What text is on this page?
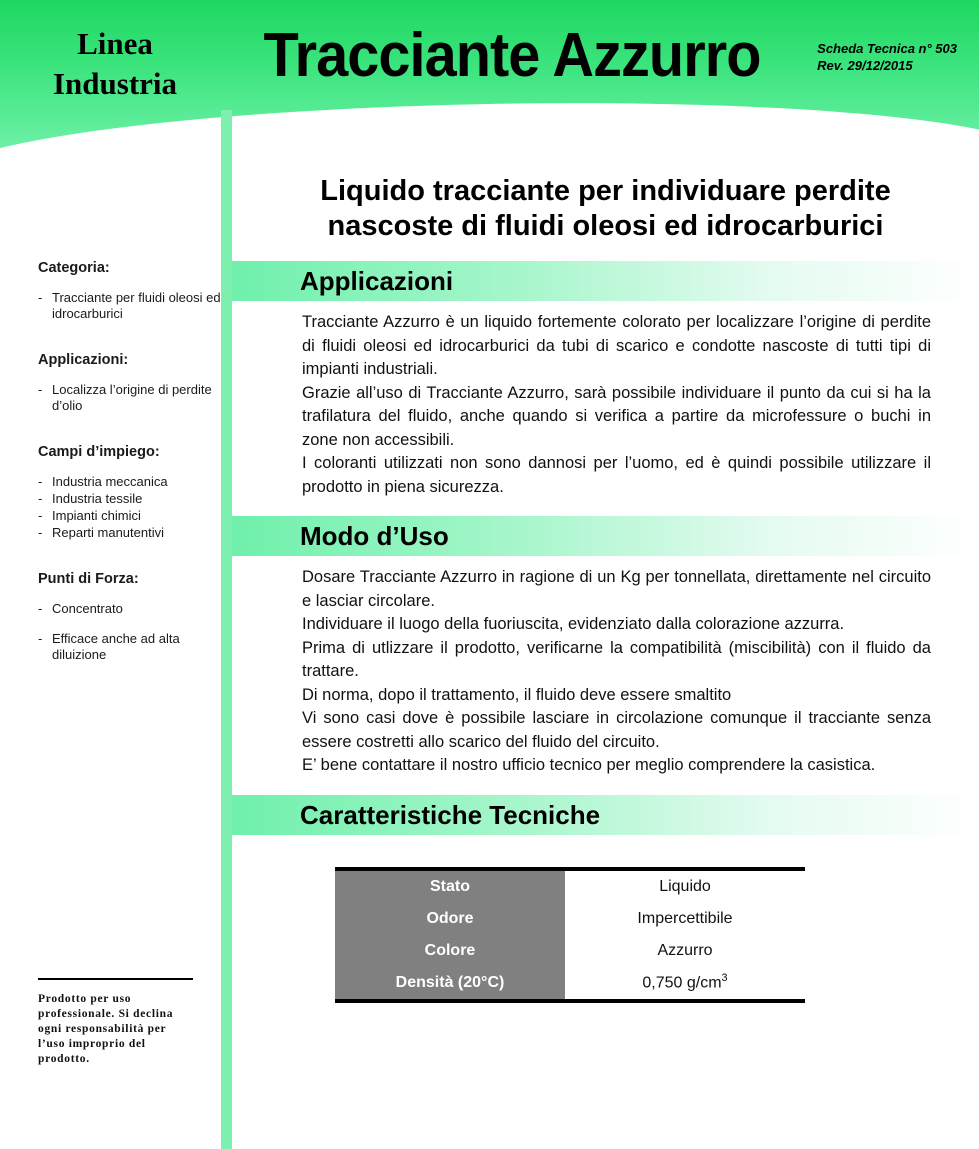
Linea
Industria	Tracciante Azzurro	Scheda Tecnica n° 503
Rev. 29/12/2015
Categoria:
- Tracciante per fluidi oleosi ed idrocarburici
Applicazioni:
- Localizza l’origine di perdite d’olio
Campi d’impiego:
- Industria meccanica
- Industria tessile
- Impianti chimici
- Reparti manutentivi
Punti di Forza:
- Concentrato
- Efficace anche ad alta diluizione
Prodotto per uso professionale. Si declina ogni responsabilità per l’uso improprio del prodotto.
Liquido tracciante per individuare perdite nascoste di fluidi oleosi ed idrocarburici
Applicazioni

Tracciante Azzurro è un liquido fortemente colorato per localizzare l’origine di perdite di fluidi oleosi ed idrocarburici da tubi di scarico e condotte nascoste di tutti tipi di impianti industriali.

Grazie all’uso di Tracciante Azzurro, sarà possibile individuare il punto da cui si ha la trafilatura del fluido, anche quando si verifica a partire da microfessure o buchi in zone non accessibili.

I coloranti utilizzati non sono dannosi per l’uomo, ed è quindi possibile utilizzare il prodotto in piena sicurezza.

Modo d’Uso

Dosare Tracciante Azzurro in ragione di un Kg per tonnellata, direttamente nel circuito e lasciar circolare.

Individuare il luogo della fuoriuscita, evidenziato dalla colorazione azzurra.

Prima di utlizzare il prodotto, verificarne la compatibilità (miscibilità) con il fluido da trattare.

Di norma, dopo il trattamento, il fluido deve essere smaltito

Vi sono casi dove è possibile lasciare in circolazione comunque il tracciante senza essere costretti allo scarico del fluido del circuito.

E’ bene contattare il nostro ufficio tecnico per meglio comprendere la casistica.

Caratteristiche Tecniche
Stato	Liquido
Odore	Impercettibile
Colore	Azzurro
Densità (20°C)	0,750 $g/cm^3$
